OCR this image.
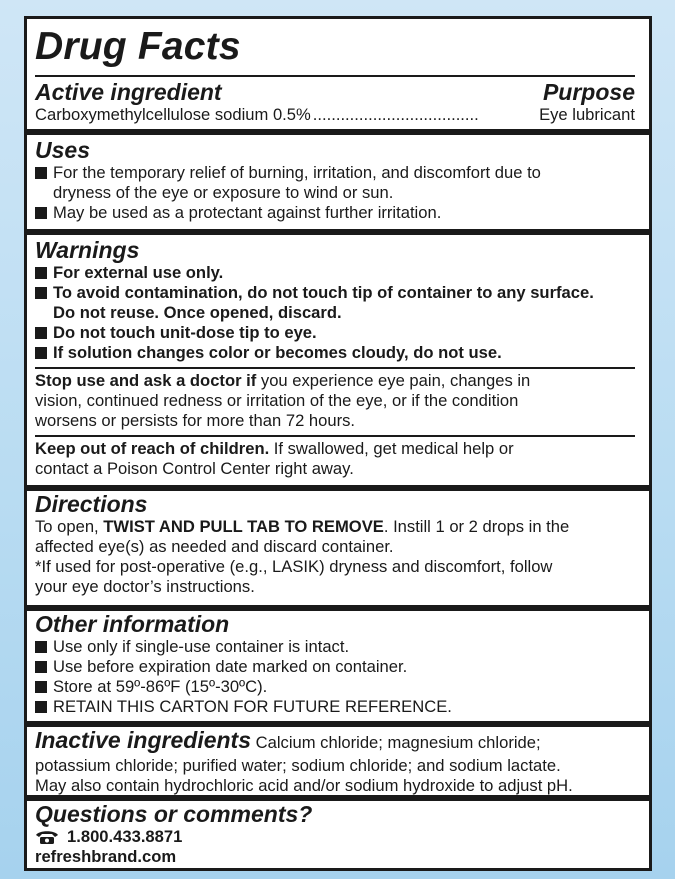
Drug Facts
Active ingredient	Purpose
Carboxymethylcellulose sodium 0.5% ....................................	Eye lubricant
Uses
For the temporary relief of burning, irritation, and discomfort due to
dryness of the eye or exposure to wind or sun.
May be used as a protectant against further irritation.
Warnings
For external use only.
To avoid contamination, do not touch tip of container to any surface.
Do not reuse. Once opened, discard.
Do not touch unit-dose tip to eye.
If solution changes color or becomes cloudy, do not use.
Stop use and ask a doctor if you experience eye pain, changes in
vision, continued redness or irritation of the eye, or if the condition
worsens or persists for more than 72 hours.
Keep out of reach of children. If swallowed, get medical help or
contact a Poison Control Center right away.
Directions
To open, TWIST AND PULL TAB TO REMOVE. Instill 1 or 2 drops in the
affected eye(s) as needed and discard container.
*If used for post-operative (e.g., LASIK) dryness and discomfort, follow
your eye doctor’s instructions.
Other information
Use only if single-use container is intact.
Use before expiration date marked on container.
Store at 59º-86ºF (15º-30ºC).
RETAIN THIS CARTON FOR FUTURE REFERENCE.
Inactive ingredients Calcium chloride; magnesium chloride;
potassium chloride; purified water; sodium chloride; and sodium lactate.
May also contain hydrochloric acid and/or sodium hydroxide to adjust pH.
Questions or comments?
1.800.433.8871
refreshbrand.com
